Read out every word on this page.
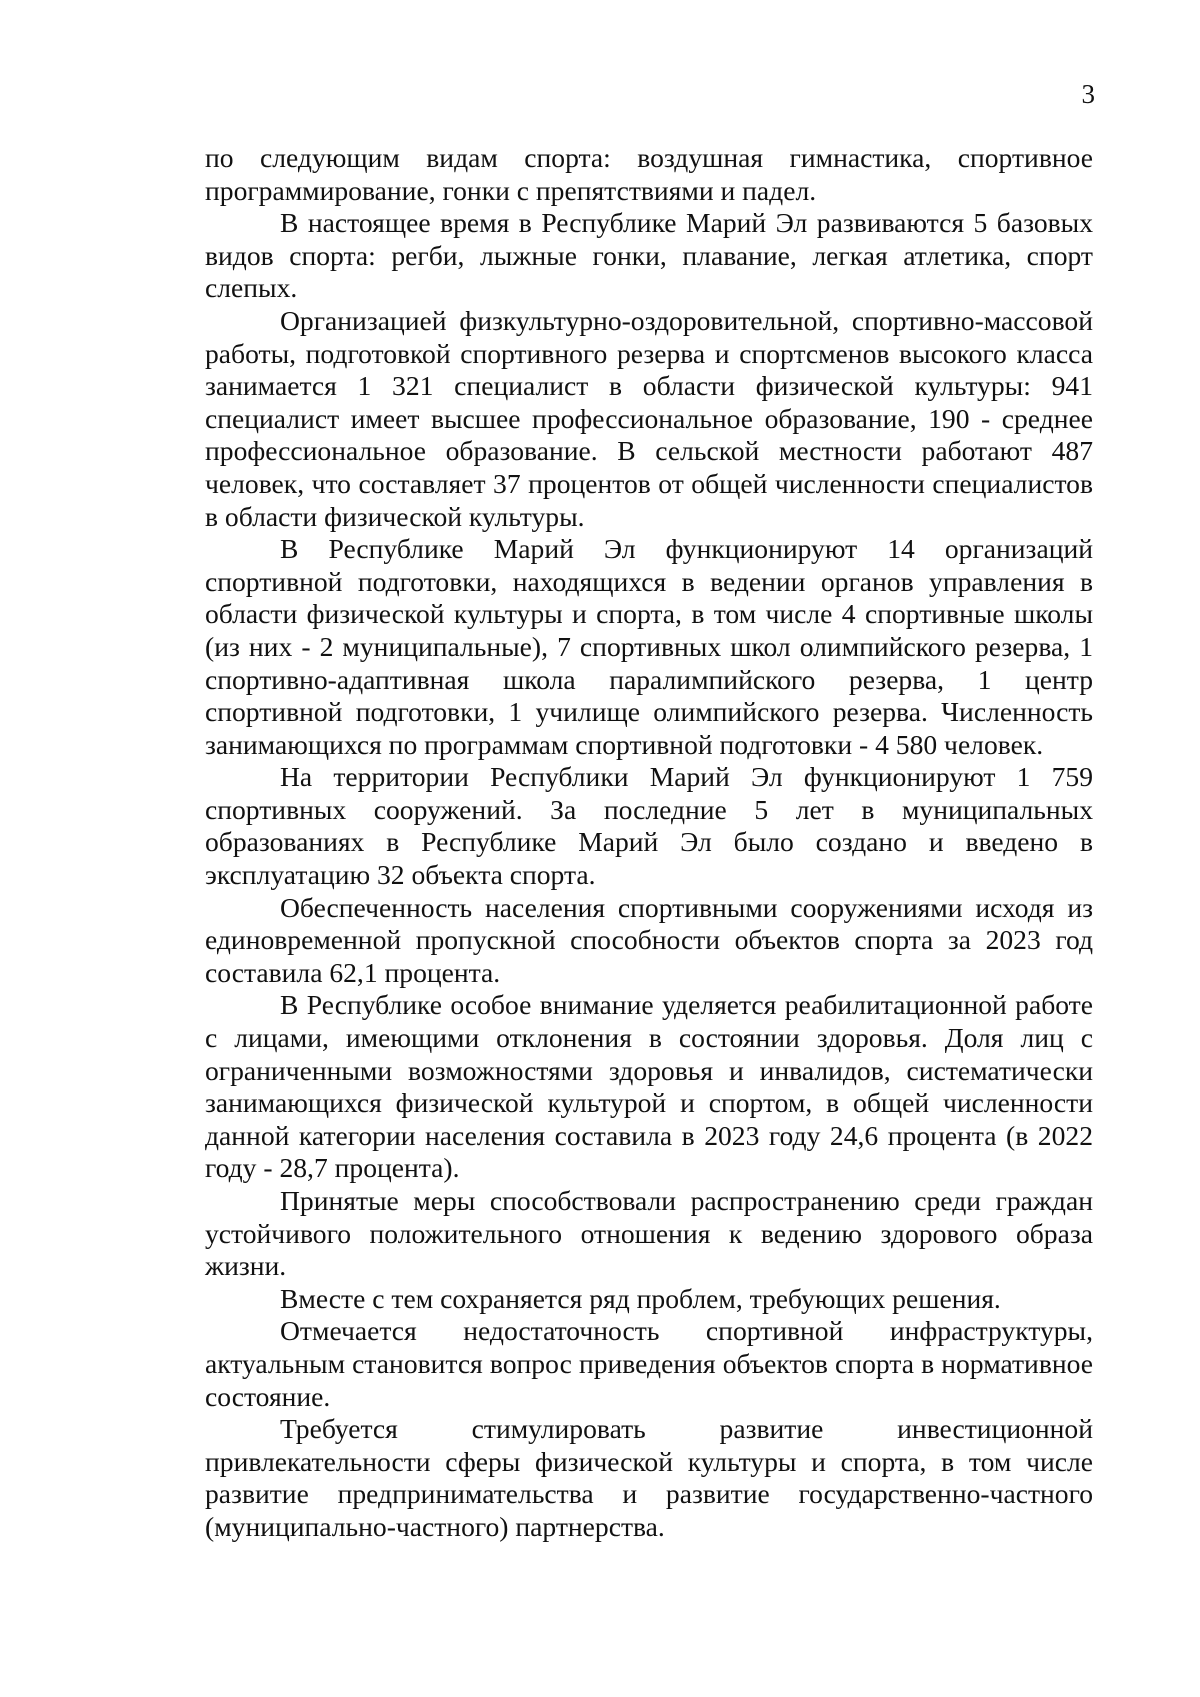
3

по следующим видам спорта: воздушная гимнастика, спортивное программирование, гонки с препятствиями и падел.

В настоящее время в Республике Марий Эл развиваются 5 базовых видов спорта: регби, лыжные гонки, плавание, легкая атлетика, спорт слепых.

Организацией физкультурно-оздоровительной, спортивно-массовой работы, подготовкой спортивного резерва и спортсменов высокого класса занимается 1 321 специалист в области физической культуры: 941 специалист имеет высшее профессиональное образование, 190 - среднее профессиональное образование. В сельской местности работают 487 человек, что составляет 37 процентов от общей численности специалистов в области физической культуры.

В Республике Марий Эл функционируют 14 организаций спортивной подготовки, находящихся в ведении органов управления в области физической культуры и спорта, в том числе 4 спортивные школы (из них - 2 муниципальные), 7 спортивных школ олимпийского резерва, 1 спортивно-адаптивная школа паралимпийского резерва, 1 центр спортивной подготовки, 1 училище олимпийского резерва. Численность занимающихся по программам спортивной подготовки - 4 580 человек.

На территории Республики Марий Эл функционируют 1 759 спортивных сооружений. За последние 5 лет в муниципальных образованиях в Республике Марий Эл было создано и введено в эксплуатацию 32 объекта спорта.

Обеспеченность населения спортивными сооружениями исходя из единовременной пропускной способности объектов спорта за 2023 год составила 62,1 процента.

В Республике особое внимание уделяется реабилитационной работе с лицами, имеющими отклонения в состоянии здоровья. Доля лиц с ограниченными возможностями здоровья и инвалидов, систематически занимающихся физической культурой и спортом, в общей численности данной категории населения составила в 2023 году 24,6 процента (в 2022 году - 28,7 процента).

Принятые меры способствовали распространению среди граждан устойчивого положительного отношения к ведению здорового образа жизни.

Вместе с тем сохраняется ряд проблем, требующих решения.

Отмечается недостаточность спортивной инфраструктуры, актуальным становится вопрос приведения объектов спорта в нормативное состояние.

Требуется стимулировать развитие инвестиционной привлекательности сферы физической культуры и спорта, в том числе развитие предпринимательства и развитие государственно-частного (муниципально-частного) партнерства.
